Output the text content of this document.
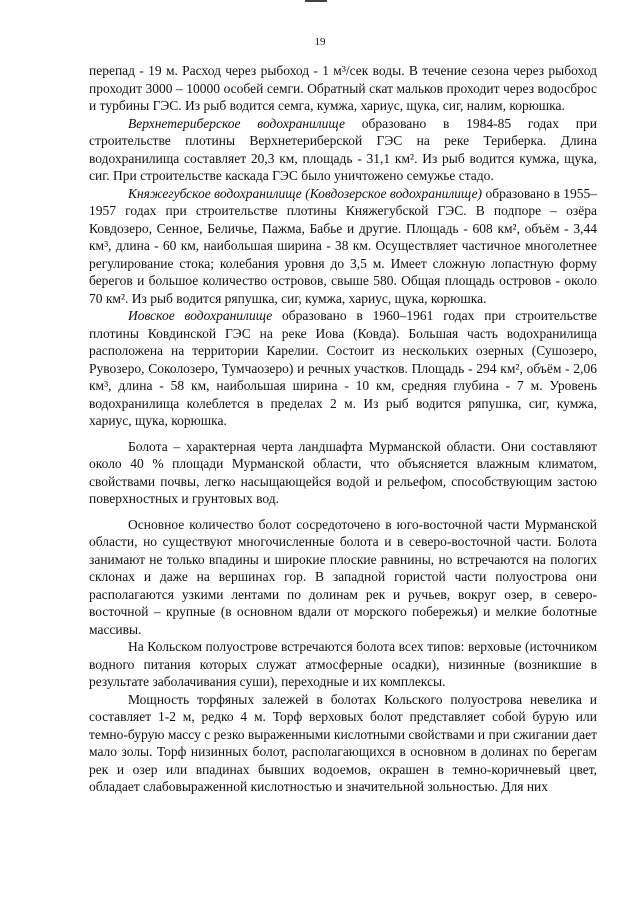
19

перепад - 19 м. Расход через рыбоход - 1 м³/сек воды. В течение сезона через рыбоход проходит 3000 – 10000 особей семги. Обратный скат мальков проходит через водосброс и турбины ГЭС. Из рыб водится семга, кумжа, хариус, щука, сиг, налим, корюшка.

Верхнетериберское водохранилище образовано в 1984-85 годах при строительстве плотины Верхнетериберской ГЭС на реке Териберка. Длина водохранилища составляет 20,3 км, площадь - 31,1 км². Из рыб водится кумжа, щука, сиг. При строительстве каскада ГЭС было уничтожено семужье стадо.

Княжегубское водохранилище (Ковдозерское водохранилище) образовано в 1955–1957 годах при строительстве плотины Княжегубской ГЭС. В подпоре – озёра Ковдозеро, Сенное, Беличье, Пажма, Бабье и другие. Площадь - 608 км², объём - 3,44 км³, длина - 60 км, наибольшая ширина - 38 км. Осуществляет частичное многолетнее регулирование стока; колебания уровня до 3,5 м. Имеет сложную лопастную форму берегов и большое количество островов, свыше 580. Общая площадь островов - около 70 км². Из рыб водится ряпушка, сиг, кумжа, хариус, щука, корюшка.

Иовское водохранилище образовано в 1960–1961 годах при строительстве плотины Ковдинской ГЭС на реке Иова (Ковда). Большая часть водохранилища расположена на территории Карелии. Состоит из нескольких озерных (Сушозеро, Рувозеро, Соколозеро, Тумчаозеро) и речных участков. Площадь - 294 км², объём - 2,06 км³, длина - 58 км, наибольшая ширина - 10 км, средняя глубина - 7 м. Уровень водохранилища колеблется в пределах 2 м. Из рыб водится ряпушка, сиг, кумжа, хариус, щука, корюшка.

Болота – характерная черта ландшафта Мурманской области. Они составляют около 40 % площади Мурманской области, что объясняется влажным климатом, свойствами почвы, легко насыщающейся водой и рельефом, способствующим застою поверхностных и грунтовых вод.

Основное количество болот сосредоточено в юго-восточной части Мурманской области, но существуют многочисленные болота и в северо-восточной части. Болота занимают не только впадины и широкие плоские равнины, но встречаются на пологих склонах и даже на вершинах гор. В западной гористой части полуострова они располагаются узкими лентами по долинам рек и ручьев, вокруг озер, в северо-восточной – крупные (в основном вдали от морского побережья) и мелкие болотные массивы.

На Кольском полуострове встречаются болота всех типов: верховые (источником водного питания которых служат атмосферные осадки), низинные (возникшие в результате заболачивания суши), переходные и их комплексы.

Мощность торфяных залежей в болотах Кольского полуострова невелика и составляет 1-2 м, редко 4 м. Торф верховых болот представляет собой бурую или темно-бурую массу с резко выраженными кислотными свойствами и при сжигании дает мало золы. Торф низинных болот, располагающихся в основном в долинах по берегам рек и озер или впадинах бывших водоемов, окрашен в темно-коричневый цвет, обладает слабовыраженной кислотностью и значительной зольностью. Для них
